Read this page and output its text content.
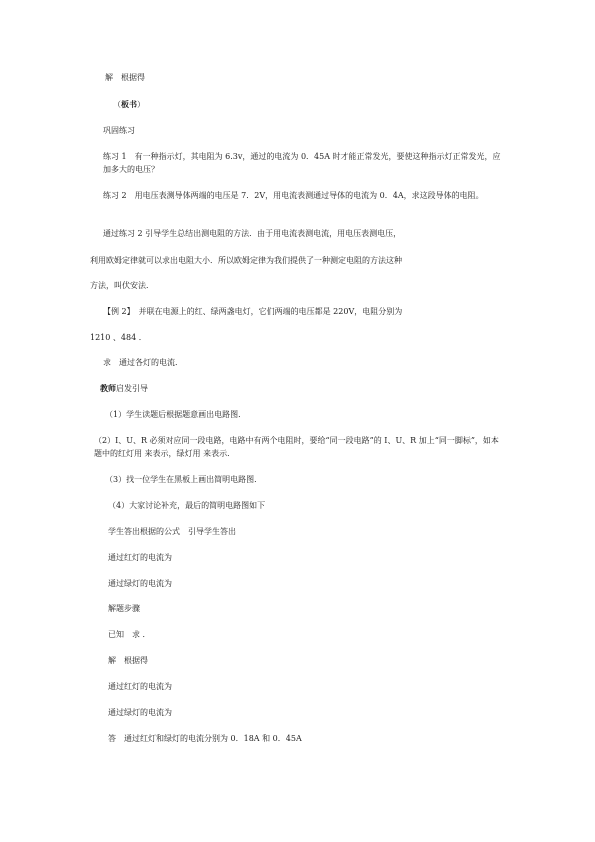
解　根据得
（板书）
巩固练习
练习 1　有一种指示灯，其电阻为 6.3v，通过的电流为 0．45A 时才能正常发光，要使这种指示灯正常发光，应加多大的电压？
练习 2　用电压表测导体两端的电压是 7．2V，用电流表测通过导体的电流为 0．4A，求这段导体的电阻。
通过练习 2 引导学生总结出测电阻的方法．由于用电流表测电流，用电压表测电压，
利用欧姆定律就可以求出电阻大小．所以欧姆定律为我们提供了一种测定电阻的方法这种
方法，叫伏安法．
【例 2】　并联在电源上的红、绿两盏电灯，它们两端的电压都是 220V，电阻分别为
1210 、484 ．
求　通过各灯的电流．
教师启发引导
（1）学生读题后根据题意画出电路图．
（2）I、U、R 必须对应同一段电路，电路中有两个电阻时，要给“同一段电路”的 I、U、R 加上“同一脚标”，如本题中的红灯用 来表示，绿灯用 来表示．
（3）找一位学生在黑板上画出简明电路图．
（4）大家讨论补充，最后的简明电路图如下
学生答出根据的公式　引导学生答出
通过红灯的电流为
通过绿灯的电流为
解题步骤
已知　求 ．
解　根据得
通过红灯的电流为
通过绿灯的电流为
答　通过红灯和绿灯的电流分别为 0．18A 和 0．45A
